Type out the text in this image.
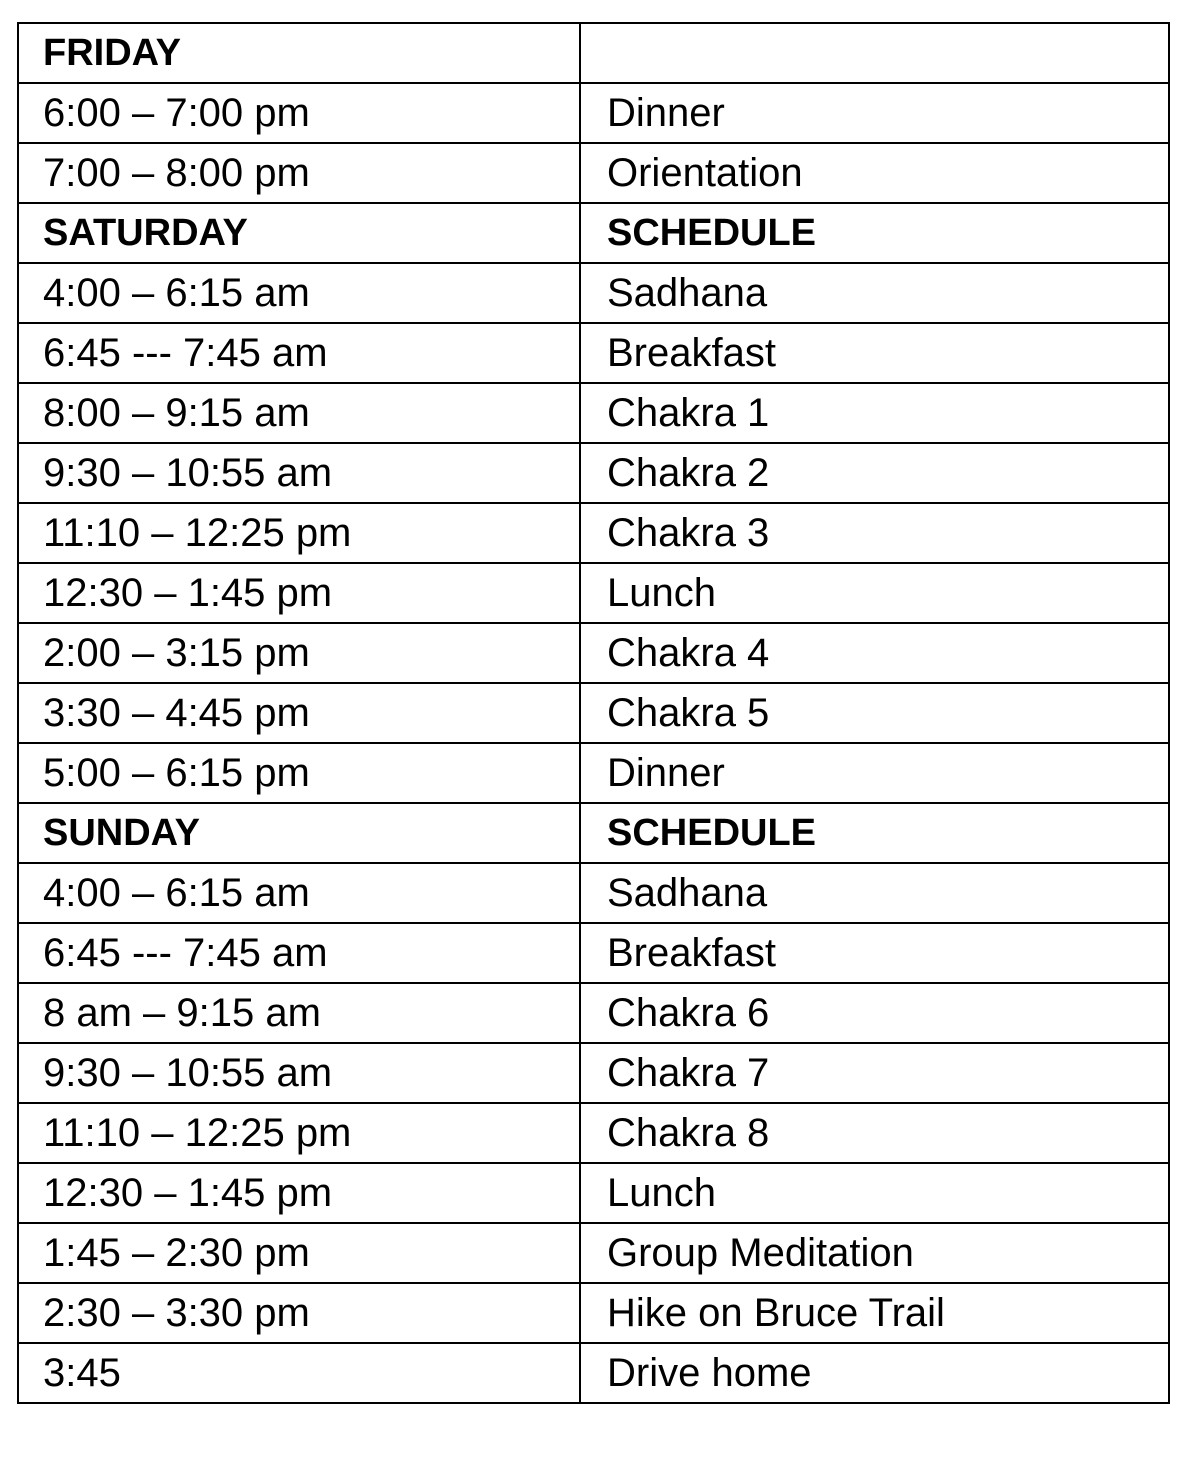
FRIDAY	
6:00 – 7:00 pm	Dinner
7:00 – 8:00 pm	Orientation
SATURDAY	SCHEDULE
4:00 – 6:15 am	Sadhana
6:45 --- 7:45 am	Breakfast
8:00 – 9:15 am	Chakra 1
9:30 – 10:55 am	Chakra 2
11:10 – 12:25 pm	Chakra 3
12:30 – 1:45 pm	Lunch
2:00 – 3:15 pm	Chakra 4
3:30 – 4:45 pm	Chakra 5
5:00 – 6:15 pm	Dinner
SUNDAY	SCHEDULE
4:00 – 6:15 am	Sadhana
6:45 --- 7:45 am	Breakfast
8 am – 9:15 am	Chakra 6
9:30 – 10:55 am	Chakra 7
11:10 – 12:25 pm	Chakra 8
12:30 – 1:45 pm	Lunch
1:45 – 2:30 pm	Group Meditation
2:30 – 3:30 pm	Hike on Bruce Trail
3:45	Drive home
